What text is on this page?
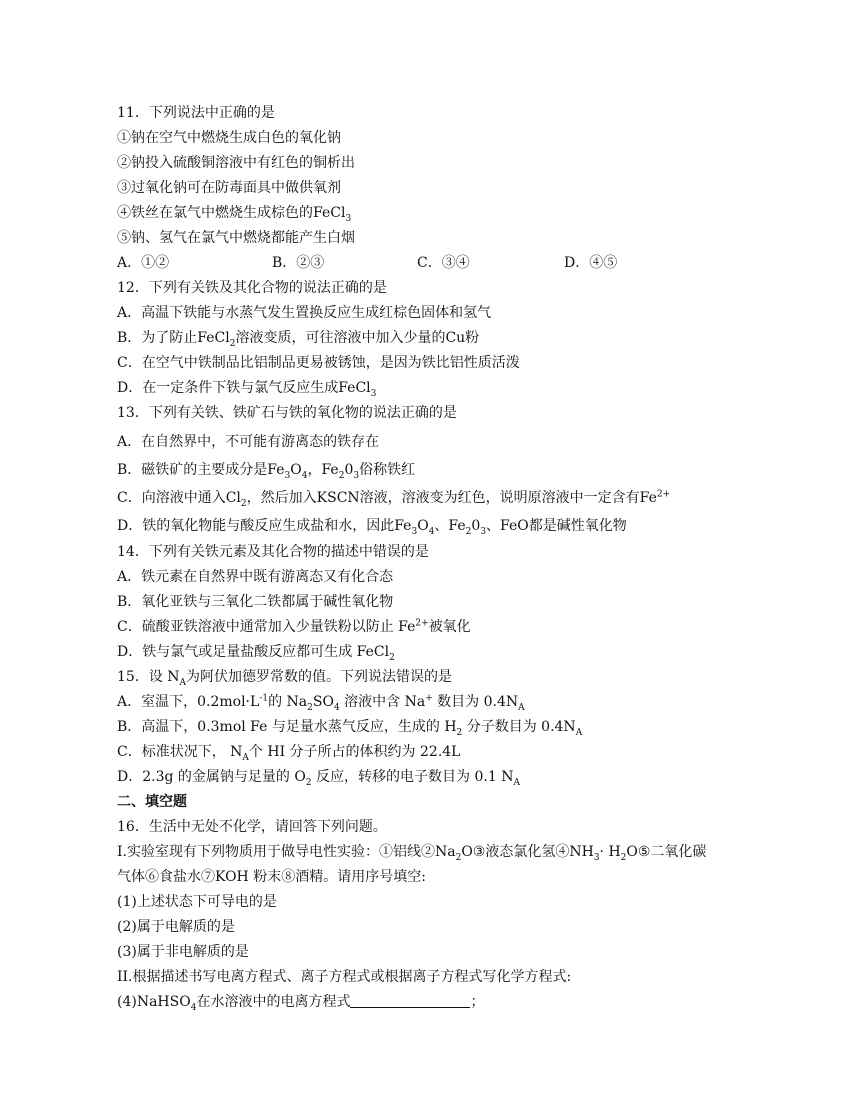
11．下列说法中正确的是
①钠在空气中燃烧生成白色的氧化钠
②钠投入硫酸铜溶液中有红色的铜析出
③过氧化钠可在防毒面具中做供氧剂
④铁丝在氯气中燃烧生成棕色的FeCl$_3$
⑤钠、氢气在氯气中燃烧都能产生白烟
A．①②	B．②③	C．③④	D．④⑤
12．下列有关铁及其化合物的说法正确的是
A．高温下铁能与水蒸气发生置换反应生成红棕色固体和氢气
B．为了防止FeCl$_2$溶液变质，可往溶液中加入少量的Cu粉
C．在空气中铁制品比铝制品更易被锈蚀，是因为铁比铝性质活泼
D．在一定条件下铁与氯气反应生成FeCl$_3$
13．下列有关铁、铁矿石与铁的氧化物的说法正确的是
A．在自然界中，不可能有游离态的铁存在
B．磁铁矿的主要成分是$Fe_3O_4$，$Fe_20_3$俗称铁红
C．向溶液中通入$Cl_2$，然后加入KSCN溶液，溶液变为红色，说明原溶液中一定含有$Fe^{2+}$
D．铁的氧化物能与酸反应生成盐和水，因此$Fe_3O_4$、$Fe_20_3$、FeO都是碱性氧化物
14．下列有关铁元素及其化合物的描述中错误的是
A．铁元素在自然界中既有游离态又有化合态
B．氧化亚铁与三氧化二铁都属于碱性氧化物
C．硫酸亚铁溶液中通常加入少量铁粉以防止 $Fe^{2+}$被氧化
D．铁与氯气或足量盐酸反应都可生成 FeCl$_2$
15．设 $N_A$为阿伏加德罗常数的值。下列说法错误的是
A．室温下，$0.2mol\cdot L^{-1}$的 $Na_2SO_4$ 溶液中含 Na+ 数目为 $0.4N_A$
B．高温下，0.3mol Fe 与足量水蒸气反应，生成的 $H_2$ 分子数目为 $0.4N_A$
C．标准状况下， $N_A$个 HI 分子所占的体积约为 22.4L
D．2.3g 的金属钠与足量的 $O_2$ 反应，转移的电子数目为 0.1 $N_A$
二、填空题
16．生活中无处不化学，请回答下列问题。
I.实验室现有下列物质用于做导电性实验：①铝线$②Na_2O③$液态氯化氢$④NH_3\cdot$ $H_2O⑤$二氧化碳
气体⑥食盐水⑦KOH 粉末⑧酒精。请用序号填空:
(1)上述状态下可导电的是
(2)属于电解质的是
(3)属于非电解质的是
II.根据描述书写电离方程式、离子方程式或根据离子方程式写化学方程式:
(4)NaHSO$_4$在水溶液中的电离方程式	；
